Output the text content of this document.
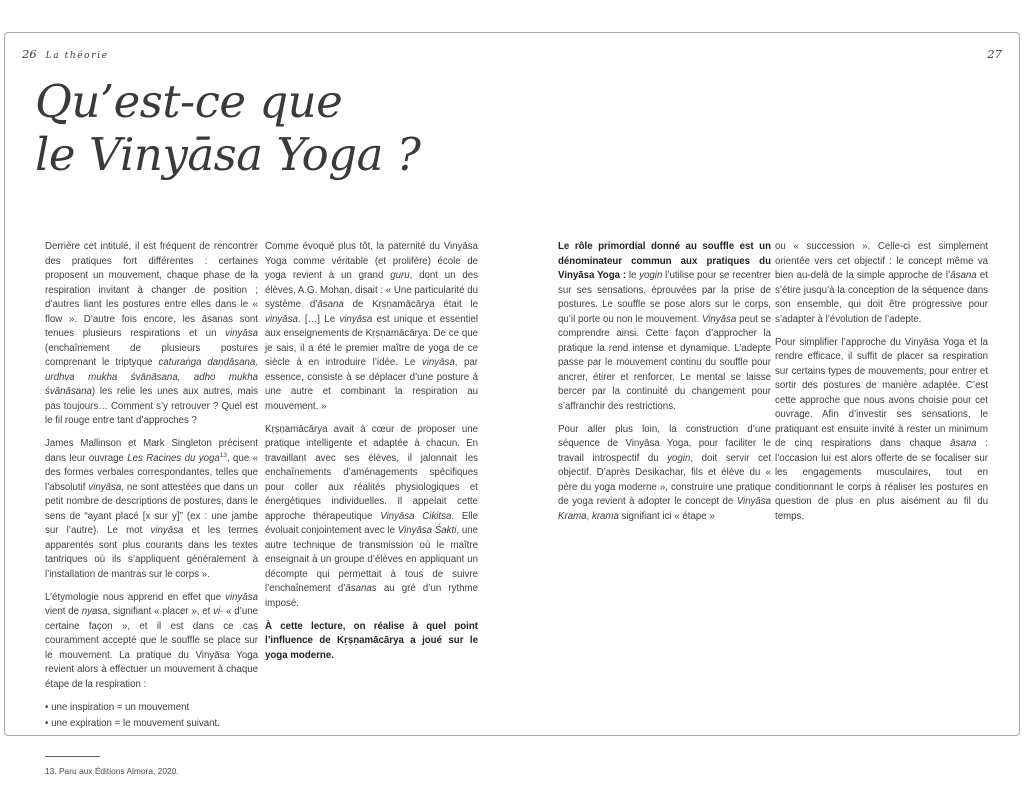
26 La théorie	27
Qu’est-ce que
le Vinyāsa Yoga ?

Derrière cet intitulé, il est fréquent de rencontrer des pratiques fort différentes : certaines proposent un mouvement, chaque phase de la respiration invitant à changer de position ; d’autres liant les postures entre elles dans le « flow ». D’autre fois encore, les āsanas sont tenues plusieurs respirations et un vinyāsa (enchaînement de plusieurs postures comprenant le triptyque caturaṅga daṇḍāsana, urdhva mukha śvānāsana, adho mukha śvānāsana) les relie les unes aux autres, mais pas toujours… Comment s’y retrouver ? Quel est le fil rouge entre tant d’approches ?

James Mallinson et Mark Singleton précisent dans leur ouvrage Les Racines du yoga$^{13}$, que « des formes verbales correspondantes, telles que l’absolutif vinyāsa, ne sont attestées que dans un petit nombre de descriptions de postures, dans le sens de “ayant placé [x sur y]” (ex : une jambe sur l’autre). Le mot vinyāsa et les termes apparentés sont plus courants dans les textes tantriques où ils s’appliquent généralement à l’installation de mantras sur le corps ».

L’étymologie nous apprend en effet que vinyāsa vient de nyasa, signifiant « placer », et vi- « d’une certaine façon », et il est dans ce cas couramment accepté que le souffle se place sur le mouvement. La pratique du Vinyāsa Yoga revient alors à effectuer un mouvement à chaque étape de la respiration :

• une inspiration = un mouvement

• une expiration = le mouvement suivant.

13. Paru aux Éditions Almora, 2020.

Comme évoqué plus tôt, la paternité du Vinyāsa Yoga comme véritable (et prolifère) école de yoga revient à un grand guru, dont un des élèves, A.G. Mohan, disait : « Une particularité du système d’āsana de Kṛṣṇamācārya était le vinyāsa. […] Le vinyāsa est unique et essentiel aux enseignements de Kṛṣṇamācārya. De ce que je sais, il a été le premier maître de yoga de ce siècle à en introduire l’idée. Le vinyāsa, par essence, consiste à se déplacer d’une posture à une autre et combinant la respiration au mouvement. »

Kṛṣṇamācārya avait à cœur de proposer une pratique intelligente et adaptée à chacun. En travaillant avec ses élèves, il jalonnait les enchaînements d’aménagements spécifiques pour coller aux réalités physiologiques et énergétiques individuelles. Il appelait cette approche thérapeutique Vinyāsa Cikitsa. Elle évoluait conjointement avec le Vinyāsa Śakti, une autre technique de transmission où le maître enseignait à un groupe d’élèves en appliquant un décompte qui permettait à tous de suivre l’enchaînement d’āsanas au gré d’un rythme imposé.

À cette lecture, on réalise à quel point l’influence de Kṛṣṇamācārya a joué sur le yoga moderne.

Le rôle primordial donné au souffle est un dénominateur commun aux pratiques du Vinyāsa Yoga : le yogin l’utilise pour se recentrer sur ses sensations, éprouvées par la prise de postures. Le souffle se pose alors sur le corps, qu’il porte ou non le mouvement. Vinyāsa peut se comprendre ainsi. Cette façon d’approcher la pratique la rend intense et dynamique. L’adepte passe par le mouvement continu du souffle pour ancrer, étirer et renforcer. Le mental se laisse bercer par la continuité du changement pour s’affranchir des restrictions.

Pour aller plus loin, la construction d’une séquence de Vinyāsa Yoga, pour faciliter le travail introspectif du yogin, doit servir cet objectif. D’après Desikachar, fils et élève du « père du yoga moderne », construire une pratique de yoga revient à adopter le concept de Vinyāsa Krama, krama signifiant ici « étape »

ou « succession ». Celle-ci est simplement orientée vers cet objectif : le concept même va bien au-delà de la simple approche de l’āsana et s’étire jusqu’à la conception de la séquence dans son ensemble, qui doit être progressive pour s’adapter à l’évolution de l’adepte.

Pour simplifier l’approche du Vinyāsa Yoga et la rendre efficace, il suffit de placer sa respiration sur certains types de mouvements, pour entrer et sortir des postures de manière adaptée. C’est cette approche que nous avons choisie pour cet ouvrage. Afin d’investir ses sensations, le pratiquant est ensuite invité à rester un minimum de cinq respirations dans chaque āsana : l’occasion lui est alors offerte de se focaliser sur les engagements musculaires, tout en conditionnant le corps à réaliser les postures en question de plus en plus aisément au fil du temps.
